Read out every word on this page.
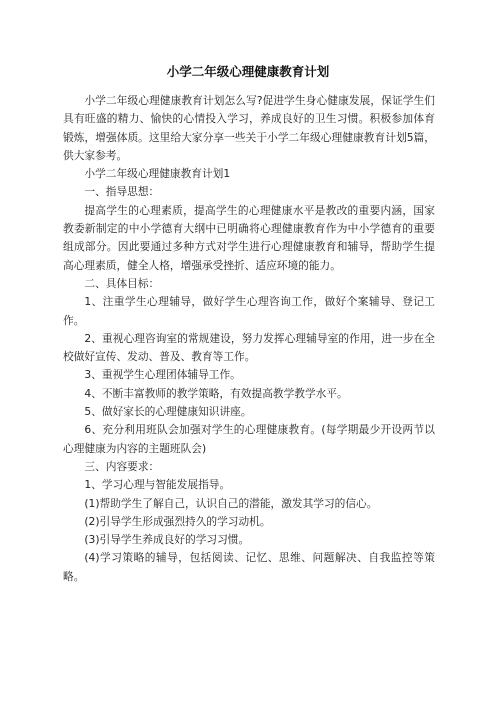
小学二年级心理健康教育计划

小学二年级心理健康教育计划怎么写?促进学生身心健康发展，保证学生们具有旺盛的精力、愉快的心情投入学习，养成良好的卫生习惯。积极参加体育锻炼，增强体质。这里给大家分享一些关于小学二年级心理健康教育计划5篇，供大家参考。

小学二年级心理健康教育计划1

一、指导思想：

提高学生的心理素质，提高学生的心理健康水平是教改的重要内涵，国家教委新制定的中小学德育大纲中已明确将心理健康教育作为中小学德育的重要组成部分。因此要通过多种方式对学生进行心理健康教育和辅导，帮助学生提高心理素质，健全人格，增强承受挫折、适应环境的能力。

二、具体目标：

1、注重学生心理辅导，做好学生心理咨询工作，做好个案辅导、登记工作。

2、重视心理咨询室的常规建设，努力发挥心理辅导室的作用，进一步在全校做好宣传、发动、普及、教育等工作。

3、重视学生心理团体辅导工作。

4、不断丰富教师的教学策略，有效提高教学教学水平。

5、做好家长的心理健康知识讲座。

6、充分利用班队会加强对学生的心理健康教育。(每学期最少开设两节以心理健康为内容的主题班队会)

三、内容要求：

1、学习心理与智能发展指导。

(1)帮助学生了解自己，认识自己的潜能，激发其学习的信心。

(2)引导学生形成强烈持久的学习动机。

(3)引导学生养成良好的学习习惯。

(4)学习策略的辅导，包括阅读、记忆、思维、问题解决、自我监控等策略。
